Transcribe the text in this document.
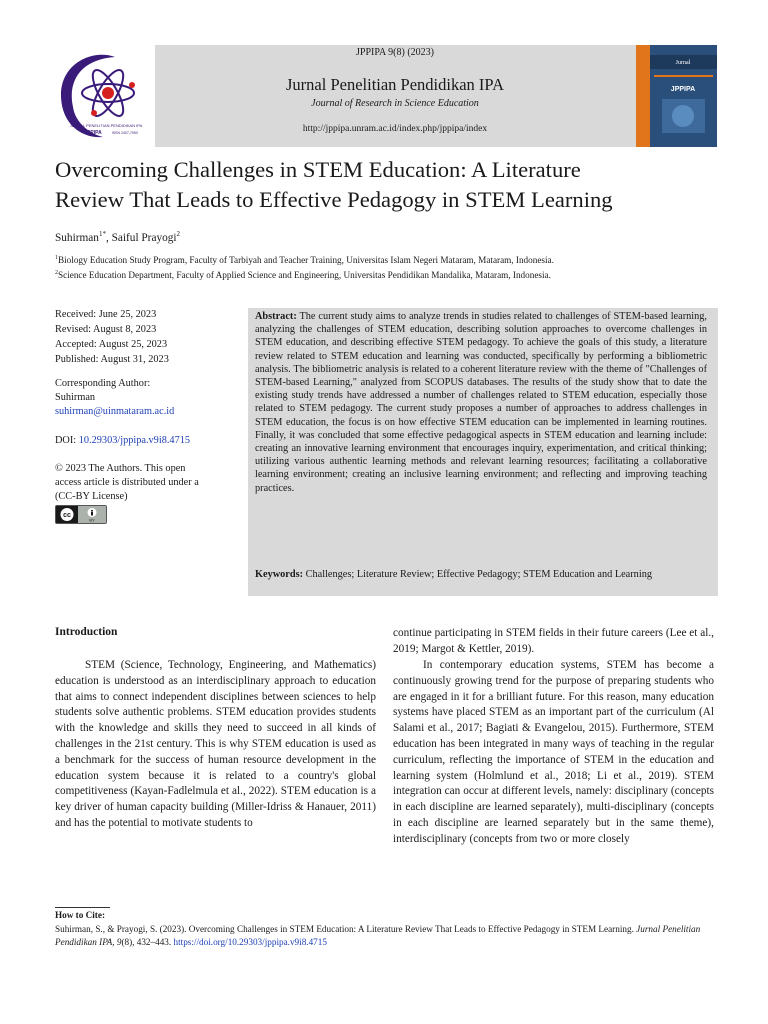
JURNAL PENELITIAN PENDIDIKAN IPA
JPPIPA	ISSN 2407-795X
JPPIPA 9(8) (2023)
Jurnal Penelitian Pendidikan IPA
Journal of Research in Science Education
http://jppipa.unram.ac.id/index.php/jppipa/index
Jurnal
JPPIPA
Overcoming Challenges in STEM Education: A Literature
Review That Leads to Effective Pedagogy in STEM Learning
Suhirman$^{1*}$, Saiful Prayogi$^2$
$^1$Biology Education Study Program, Faculty of Tarbiyah and Teacher Training, Universitas Islam Negeri Mataram, Mataram, Indonesia.
$^2$Science Education Department, Faculty of Applied Science and Engineering, Universitas Pendidikan Mandalika, Mataram, Indonesia.
Received: June 25, 2023
Revised: August 8, 2023
Accepted: August 25, 2023
Published: August 31, 2023
Corresponding Author:
Suhirman
suhirman@uinmataram.ac.id
DOI: 10.29303/jppipa.v9i8.4715
© 2023 The Authors. This open
access article is distributed under a
(CC-BY License)
cc
BY

Abstract: The current study aims to analyze trends in studies related to challenges of STEM-based learning, analyzing the challenges of STEM education, describing solution approaches to overcome challenges in STEM education, and describing effective STEM pedagogy. To achieve the goals of this study, a literature review related to STEM education and learning was conducted, specifically by performing a bibliometric analysis. The bibliometric analysis is related to a coherent literature review with the theme of "Challenges of STEM-based Learning," analyzed from SCOPUS databases. The results of the study show that to date the existing study trends have addressed a number of challenges related to STEM education, especially those related to STEM pedagogy. The current study proposes a number of approaches to address challenges in STEM education, the focus is on how effective STEM education can be implemented in learning routines. Finally, it was concluded that some effective pedagogical aspects in STEM education and learning include: creating an innovative learning environment that encourages inquiry, experimentation, and critical thinking; utilizing various authentic learning methods and relevant learning resources; facilitating a collaborative learning environment; creating an inclusive learning environment; and reflecting and improving teaching practices.

Keywords: Challenges; Literature Review; Effective Pedagogy; STEM Education and Learning

Introduction

STEM (Science, Technology, Engineering, and Mathematics) education is understood as an interdisciplinary approach to education that aims to connect independent disciplines between sciences to help students solve authentic problems. STEM education provides students with the knowledge and skills they need to succeed in all kinds of challenges in the 21st century. This is why STEM education is used as a benchmark for the success of human resource development in the education system because it is related to a country's global competitiveness (Kayan-Fadlelmula et al., 2022). STEM education is a key driver of human capacity building (Miller-Idriss & Hanauer, 2011) and has the potential to motivate students to

continue participating in STEM fields in their future careers (Lee et al., 2019; Margot & Kettler, 2019).

In contemporary education systems, STEM has become a continuously growing trend for the purpose of preparing students who are engaged in it for a brilliant future. For this reason, many education systems have placed STEM as an important part of the curriculum (Al Salami et al., 2017; Bagiati & Evangelou, 2015). Furthermore, STEM education has been integrated in many ways of teaching in the regular curriculum, reflecting the importance of STEM in the education and learning system (Holmlund et al., 2018; Li et al., 2019). STEM integration can occur at different levels, namely: disciplinary (concepts in each discipline are learned separately), multi-disciplinary (concepts in each discipline are learned separately but in the same theme), interdisciplinary (concepts from two or more closely

How to Cite:

Suhirman, S., & Prayogi, S. (2023). Overcoming Challenges in STEM Education: A Literature Review That Leads to Effective Pedagogy in STEM Learning. Jurnal Penelitian Pendidikan IPA, 9(8), 432–443. https://doi.org/10.29303/jppipa.v9i8.4715
